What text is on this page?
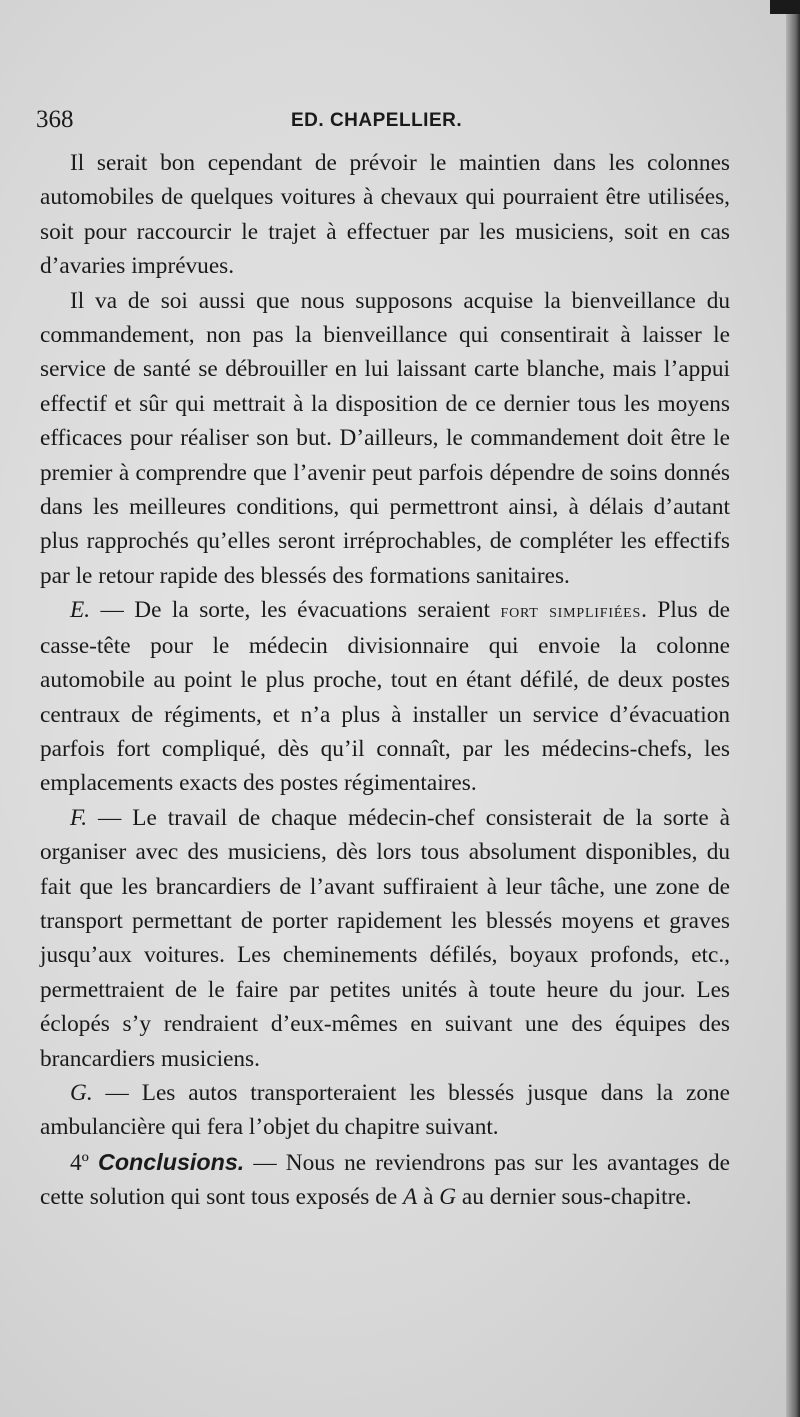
368	ED. CHAPELLIER.

Il serait bon cependant de prévoir le maintien dans les colonnes automobiles de quelques voitures à chevaux qui pourraient être utilisées, soit pour raccourcir le trajet à effectuer par les musiciens, soit en cas d’avaries imprévues.

Il va de soi aussi que nous supposons acquise la bienveillance du commandement, non pas la bienveillance qui consentirait à laisser le service de santé se débrouiller en lui laissant carte blanche, mais l’appui effectif et sûr qui mettrait à la disposition de ce dernier tous les moyens efficaces pour réaliser son but. D’ailleurs, le commandement doit être le premier à comprendre que l’avenir peut parfois dépendre de soins donnés dans les meilleures conditions, qui permettront ainsi, à délais d’autant plus rapprochés qu’elles seront irréprochables, de compléter les effectifs par le retour rapide des blessés des formations sanitaires.

E. — De la sorte, les évacuations seraient fort simplifiées. Plus de casse-tête pour le médecin divisionnaire qui envoie la colonne automobile au point le plus proche, tout en étant défilé, de deux postes centraux de régiments, et n’a plus à installer un service d’évacuation parfois fort compliqué, dès qu’il connaît, par les médecins-chefs, les emplacements exacts des postes régimentaires.

F. — Le travail de chaque médecin-chef consisterait de la sorte à organiser avec des musiciens, dès lors tous absolument disponibles, du fait que les brancardiers de l’avant suffiraient à leur tâche, une zone de transport permettant de porter rapidement les blessés moyens et graves jusqu’aux voitures. Les cheminements défilés, boyaux profonds, etc., permettraient de le faire par petites unités à toute heure du jour. Les éclopés s’y rendraient d’eux-mêmes en suivant une des équipes des brancardiers musiciens.

G. — Les autos transporteraient les blessés jusque dans la zone ambulancière qui fera l’objet du chapitre suivant.

4º Conclusions. — Nous ne reviendrons pas sur les avantages de cette solution qui sont tous exposés de A à G au dernier sous-chapitre.
